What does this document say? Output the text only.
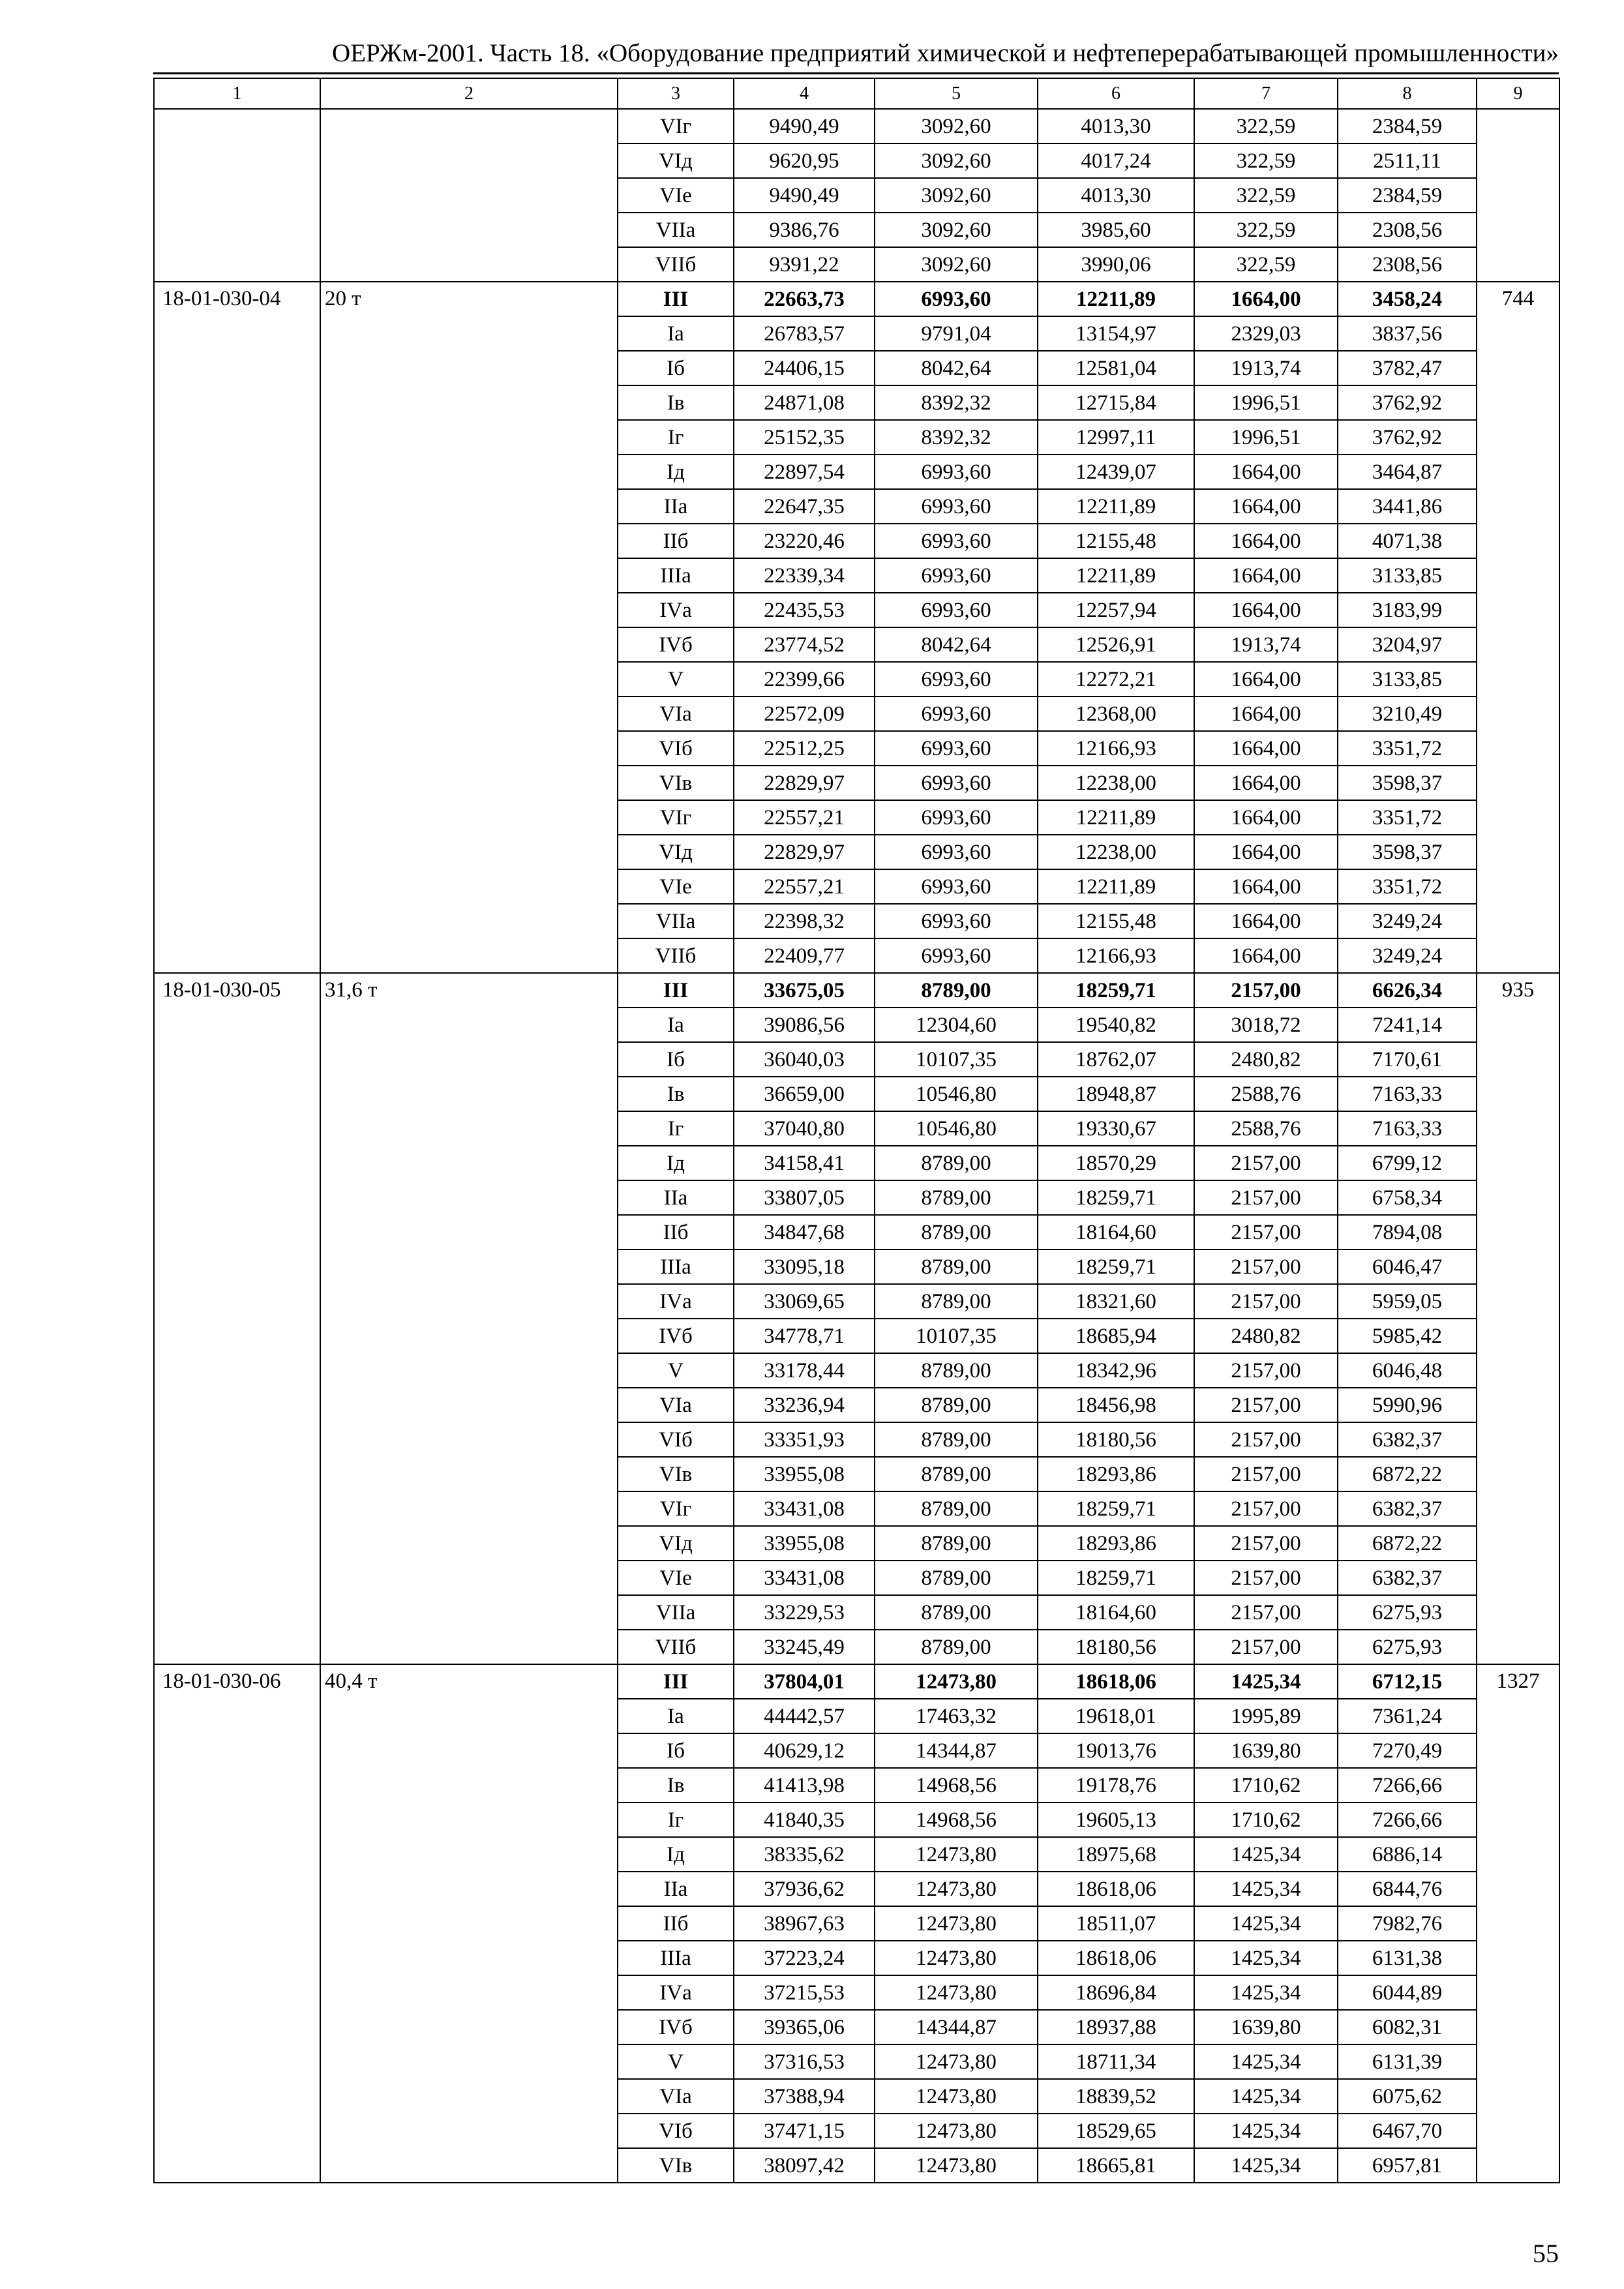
ОЕРЖм-2001. Часть 18. «Оборудование предприятий химической и нефтеперерабатывающей промышленности»
1	2	3	4	5	6	7	8	9
		VIг	9490,49	3092,60	4013,30	322,59	2384,59	
		VIд	9620,95	3092,60	4017,24	322,59	2511,11	
		VIе	9490,49	3092,60	4013,30	322,59	2384,59	
		VIIа	9386,76	3092,60	3985,60	322,59	2308,56	
		VIIб	9391,22	3092,60	3990,06	322,59	2308,56	
18-01-030-04	20 т	III	22663,73	6993,60	12211,89	1664,00	3458,24	744
		Iа	26783,57	9791,04	13154,97	2329,03	3837,56	
		Iб	24406,15	8042,64	12581,04	1913,74	3782,47	
		Iв	24871,08	8392,32	12715,84	1996,51	3762,92	
		Iг	25152,35	8392,32	12997,11	1996,51	3762,92	
		Iд	22897,54	6993,60	12439,07	1664,00	3464,87	
		IIа	22647,35	6993,60	12211,89	1664,00	3441,86	
		IIб	23220,46	6993,60	12155,48	1664,00	4071,38	
		IIIа	22339,34	6993,60	12211,89	1664,00	3133,85	
		IVа	22435,53	6993,60	12257,94	1664,00	3183,99	
		IVб	23774,52	8042,64	12526,91	1913,74	3204,97	
		V	22399,66	6993,60	12272,21	1664,00	3133,85	
		VIа	22572,09	6993,60	12368,00	1664,00	3210,49	
		VIб	22512,25	6993,60	12166,93	1664,00	3351,72	
		VIв	22829,97	6993,60	12238,00	1664,00	3598,37	
		VIг	22557,21	6993,60	12211,89	1664,00	3351,72	
		VIд	22829,97	6993,60	12238,00	1664,00	3598,37	
		VIе	22557,21	6993,60	12211,89	1664,00	3351,72	
		VIIа	22398,32	6993,60	12155,48	1664,00	3249,24	
		VIIб	22409,77	6993,60	12166,93	1664,00	3249,24	
18-01-030-05	31,6 т	III	33675,05	8789,00	18259,71	2157,00	6626,34	935
		Iа	39086,56	12304,60	19540,82	3018,72	7241,14	
		Iб	36040,03	10107,35	18762,07	2480,82	7170,61	
		Iв	36659,00	10546,80	18948,87	2588,76	7163,33	
		Iг	37040,80	10546,80	19330,67	2588,76	7163,33	
		Iд	34158,41	8789,00	18570,29	2157,00	6799,12	
		IIа	33807,05	8789,00	18259,71	2157,00	6758,34	
		IIб	34847,68	8789,00	18164,60	2157,00	7894,08	
		IIIа	33095,18	8789,00	18259,71	2157,00	6046,47	
		IVа	33069,65	8789,00	18321,60	2157,00	5959,05	
		IVб	34778,71	10107,35	18685,94	2480,82	5985,42	
		V	33178,44	8789,00	18342,96	2157,00	6046,48	
		VIа	33236,94	8789,00	18456,98	2157,00	5990,96	
		VIб	33351,93	8789,00	18180,56	2157,00	6382,37	
		VIв	33955,08	8789,00	18293,86	2157,00	6872,22	
		VIг	33431,08	8789,00	18259,71	2157,00	6382,37	
		VIд	33955,08	8789,00	18293,86	2157,00	6872,22	
		VIе	33431,08	8789,00	18259,71	2157,00	6382,37	
		VIIа	33229,53	8789,00	18164,60	2157,00	6275,93	
		VIIб	33245,49	8789,00	18180,56	2157,00	6275,93	
18-01-030-06	40,4 т	III	37804,01	12473,80	18618,06	1425,34	6712,15	1327
		Iа	44442,57	17463,32	19618,01	1995,89	7361,24	
		Iб	40629,12	14344,87	19013,76	1639,80	7270,49	
		Iв	41413,98	14968,56	19178,76	1710,62	7266,66	
		Iг	41840,35	14968,56	19605,13	1710,62	7266,66	
		Iд	38335,62	12473,80	18975,68	1425,34	6886,14	
		IIа	37936,62	12473,80	18618,06	1425,34	6844,76	
		IIб	38967,63	12473,80	18511,07	1425,34	7982,76	
		IIIа	37223,24	12473,80	18618,06	1425,34	6131,38	
		IVа	37215,53	12473,80	18696,84	1425,34	6044,89	
		IVб	39365,06	14344,87	18937,88	1639,80	6082,31	
		V	37316,53	12473,80	18711,34	1425,34	6131,39	
		VIа	37388,94	12473,80	18839,52	1425,34	6075,62	
		VIб	37471,15	12473,80	18529,65	1425,34	6467,70	
		VIв	38097,42	12473,80	18665,81	1425,34	6957,81	
55
